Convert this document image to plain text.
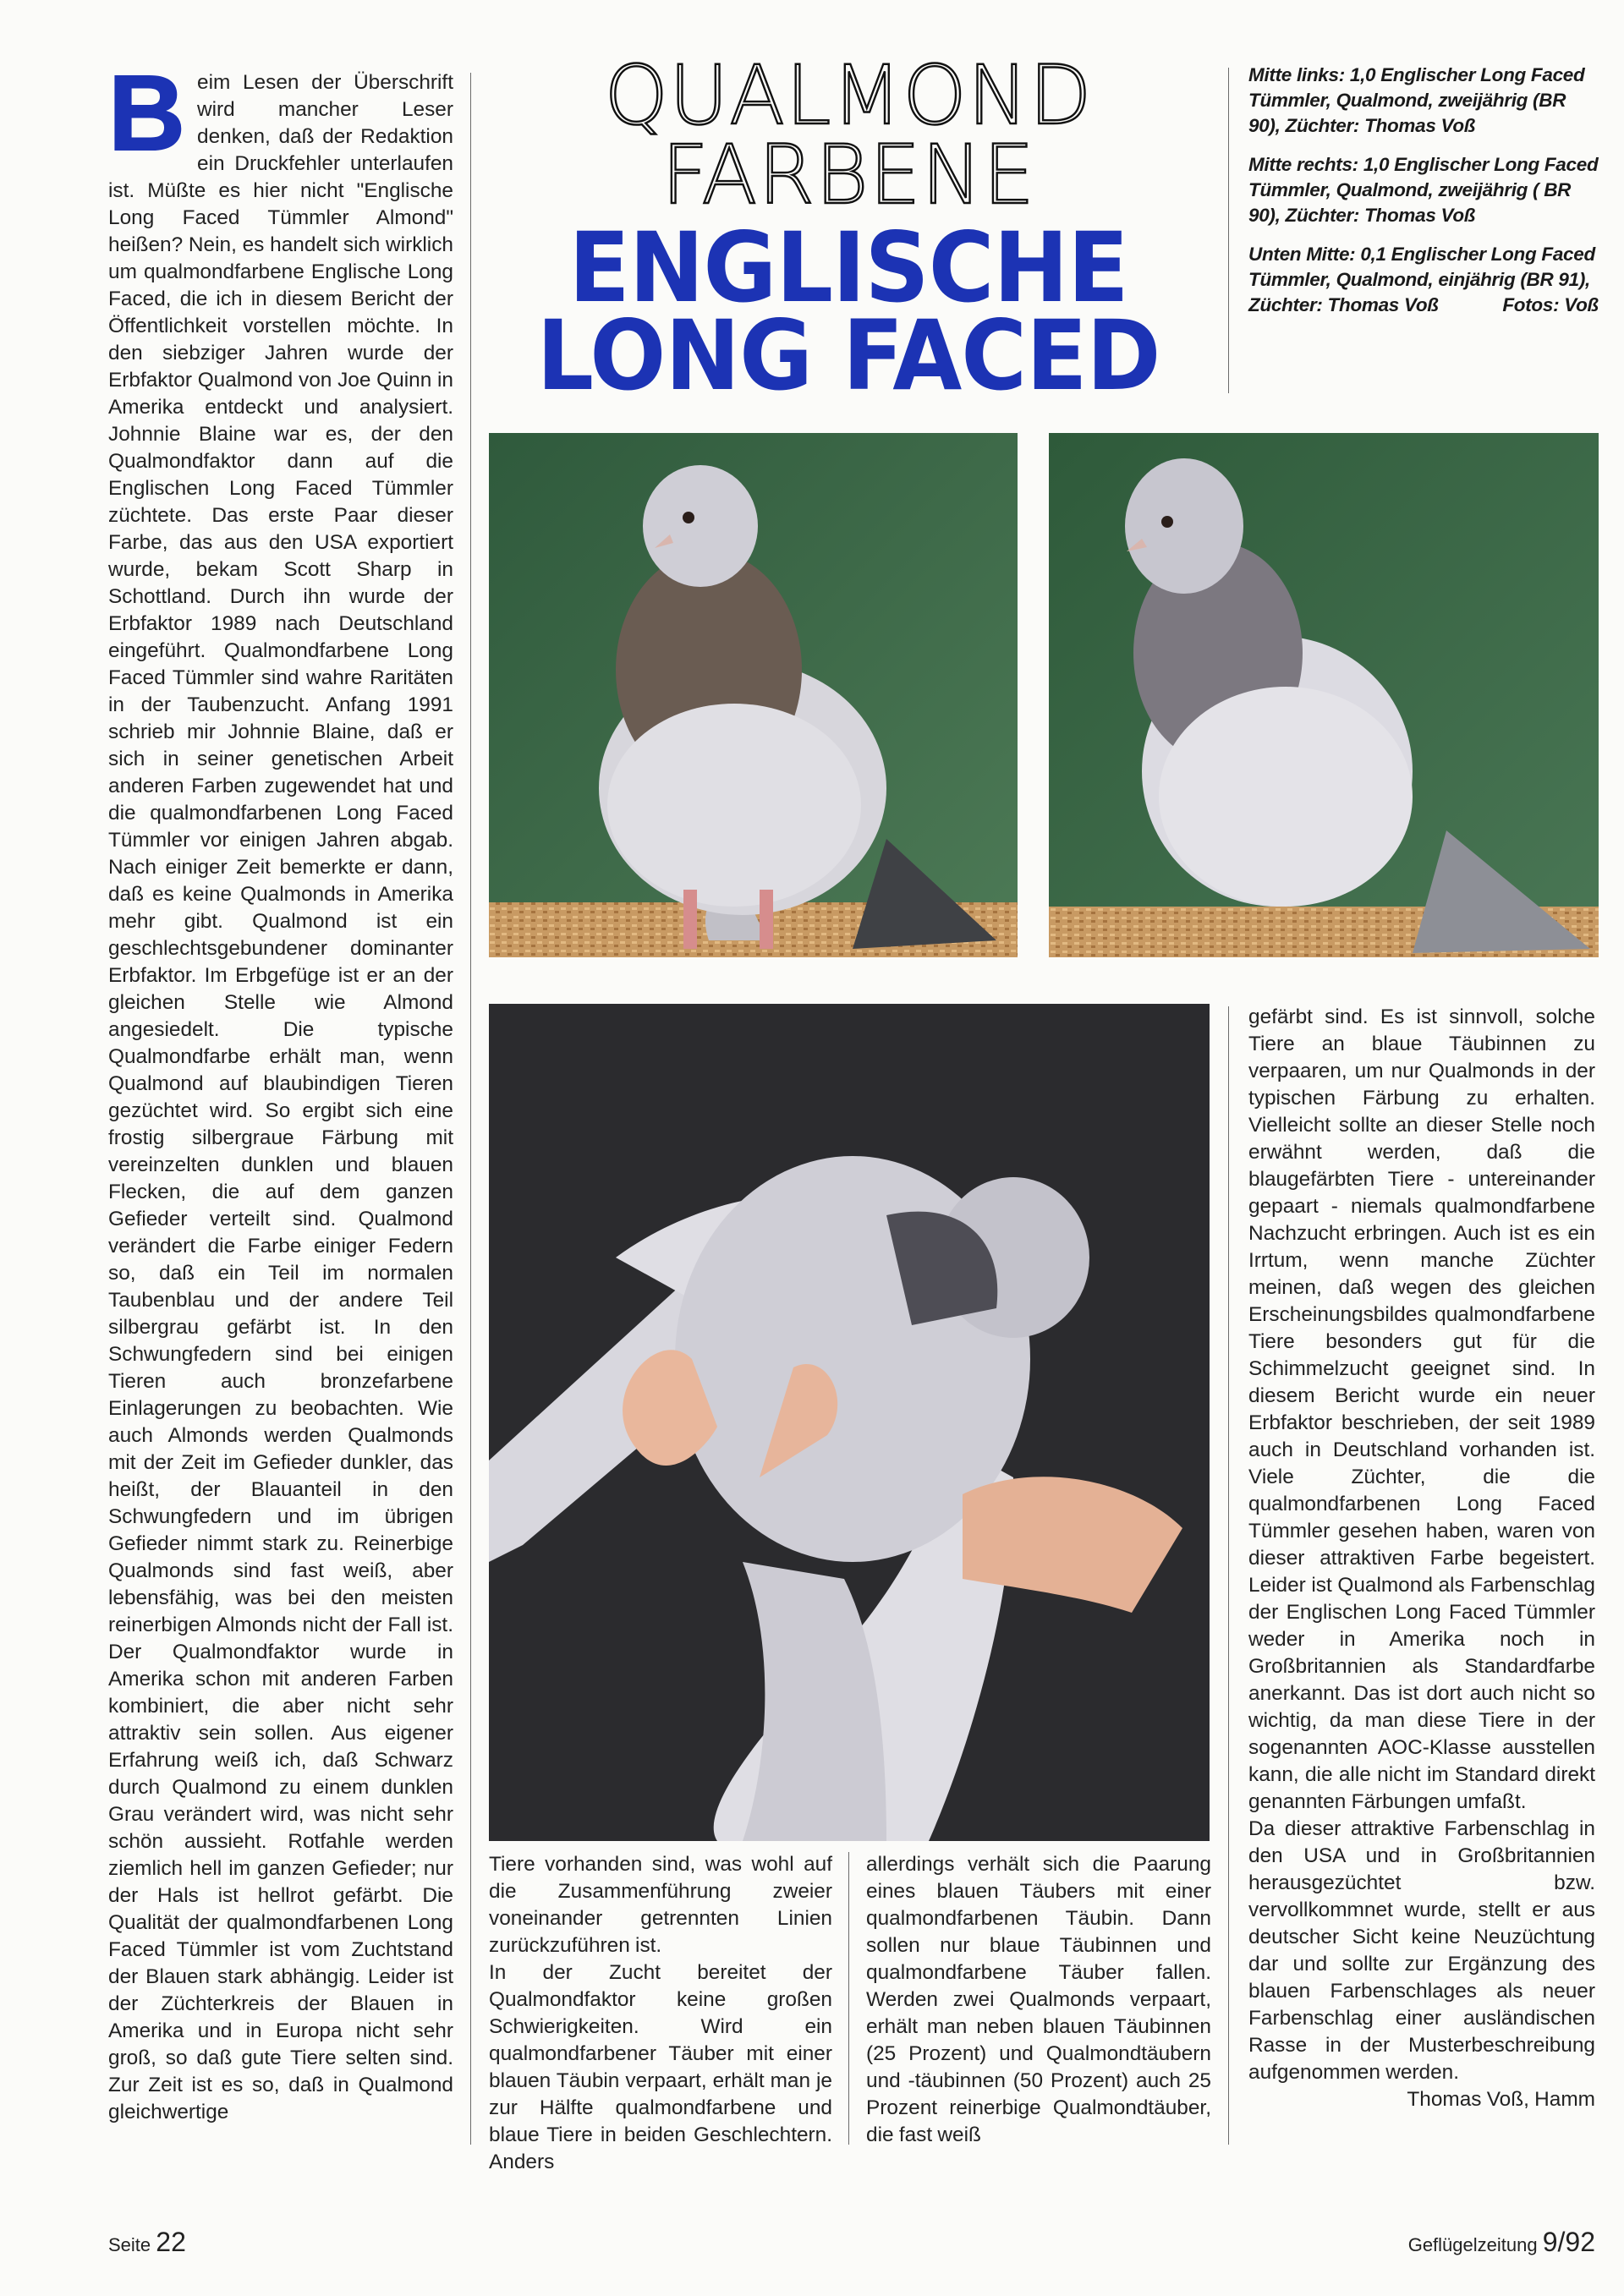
B eim Lesen der Überschrift wird mancher Leser denken, daß der Redaktion ein Druckfehler unterlaufen ist. Müßte es hier nicht "Englische Long Faced Tümmler Almond" heißen? Nein, es handelt sich wirklich um qualmondfarbene Englische Long Faced, die ich in diesem Bericht der Öffentlichkeit vorstellen möchte. In den siebziger Jahren wurde der Erbfaktor Qualmond von Joe Quinn in Amerika entdeckt und analysiert. Johnnie Blaine war es, der den Qualmondfaktor dann auf die Englischen Long Faced Tümmler züchtete. Das erste Paar dieser Farbe, das aus den USA exportiert wurde, bekam Scott Sharp in Schottland. Durch ihn wurde der Erbfaktor 1989 nach Deutschland eingeführt. Qualmondfarbene Long Faced Tümmler sind wahre Raritäten in der Taubenzucht. Anfang 1991 schrieb mir Johnnie Blaine, daß er sich in seiner genetischen Arbeit anderen Farben zugewendet hat und die qualmondfarbenen Long Faced Tümmler vor einigen Jahren abgab. Nach einiger Zeit bemerkte er dann, daß es keine Qualmonds in Amerika mehr gibt. Qualmond ist ein geschlechtsgebundener dominanter Erbfaktor. Im Erbgefüge ist er an der gleichen Stelle wie Almond angesiedelt. Die typische Qualmondfarbe erhält man, wenn Qualmond auf blaubindigen Tieren gezüchtet wird. So ergibt sich eine frostig silbergraue Färbung mit vereinzelten dunklen und blauen Flecken, die auf dem ganzen Gefieder verteilt sind. Qualmond verändert die Farbe einiger Federn so, daß ein Teil im normalen Taubenblau und der andere Teil silbergrau gefärbt ist. In den Schwungfedern sind bei einigen Tieren auch bronzefarbene Einlagerungen zu beobachten. Wie auch Almonds werden Qualmonds mit der Zeit im Gefieder dunkler, das heißt, der Blauanteil in den Schwungfedern und im übrigen Gefieder nimmt stark zu. Reinerbige Qualmonds sind fast weiß, aber lebensfähig, was bei den meisten reinerbigen Almonds nicht der Fall ist. Der Qualmondfaktor wurde in Amerika schon mit anderen Farben kombiniert, die aber nicht sehr attraktiv sein sollen. Aus eigener Erfahrung weiß ich, daß Schwarz durch Qualmond zu einem dunklen Grau verändert wird, was nicht sehr schön aussieht. Rotfahle werden ziemlich hell im ganzen Gefieder; nur der Hals ist hellrot gefärbt. Die Qualität der qualmondfarbenen Long Faced Tümmler ist vom Zuchtstand der Blauen stark abhängig. Leider ist der Züchterkreis der Blauen in Amerika und in Europa nicht sehr groß, so daß gute Tiere selten sind. Zur Zeit ist es so, daß in Qualmond gleichwertige

QUALMOND
FARBENE
ENGLISCHE
LONG FACED
Mitte links: 1,0 Englischer Long Faced Tümmler, Qualmond, zweijährig (BR 90), Züchter: Thomas Voß
Mitte rechts: 1,0 Englischer Long Faced Tümmler, Qualmond, zweijährig ( BR 90), Züchter: Thomas Voß
Unten Mitte: 0,1 Englischer Long Faced Tümmler, Qualmond, einjährig (BR 91), Züchter: Thomas Voß	Fotos: Voß

Tiere vorhanden sind, was wohl auf die Zusammenführung zweier voneinander getrennten Linien zurückzuführen ist.

In der Zucht bereitet der Qualmondfaktor keine großen Schwierigkeiten. Wird ein qualmondfarbener Täuber mit einer blauen Täubin verpaart, erhält man je zur Hälfte qualmondfarbene und blaue Tiere in beiden Geschlechtern. Anders

allerdings verhält sich die Paarung eines blauen Täubers mit einer qualmondfarbenen Täubin. Dann sollen nur blaue Täubinnen und qualmondfarbene Täuber fallen. Werden zwei Qualmonds verpaart, erhält man neben blauen Täubinnen (25 Prozent) und Qualmondtäubern und -täubinnen (50 Prozent) auch 25 Prozent reinerbige Qualmondtäuber, die fast weiß

gefärbt sind. Es ist sinnvoll, solche Tiere an blaue Täubinnen zu verpaaren, um nur Qualmonds in der typischen Färbung zu erhalten. Vielleicht sollte an dieser Stelle noch erwähnt werden, daß die blaugefärbten Tiere - untereinander gepaart - niemals qualmondfarbene Nachzucht erbringen. Auch ist es ein Irrtum, wenn manche Züchter meinen, daß wegen des gleichen Erscheinungsbildes qualmondfarbene Tiere besonders gut für die Schimmelzucht geeignet sind. In diesem Bericht wurde ein neuer Erbfaktor beschrieben, der seit 1989 auch in Deutschland vorhanden ist. Viele Züchter, die die qualmondfarbenen Long Faced Tümmler gesehen haben, waren von dieser attraktiven Farbe begeistert. Leider ist Qualmond als Farbenschlag der Englischen Long Faced Tümmler weder in Amerika noch in Großbritannien als Standardfarbe anerkannt. Das ist dort auch nicht so wichtig, da man diese Tiere in der sogenannten AOC-Klasse ausstellen kann, die alle nicht im Standard direkt genannten Färbungen umfaßt.

Da dieser attraktive Farbenschlag in den USA und in Großbritannien herausgezüchtet bzw. vervollkommnet wurde, stellt er aus deutscher Sicht keine Neuzüchtung dar und sollte zur Ergänzung des blauen Farbenschlages als neuer Farbenschlag einer ausländischen Rasse in der Musterbeschreibung aufgenommen werden.

Thomas Voß, Hamm

Seite 22	Geflügelzeitung 9/92
